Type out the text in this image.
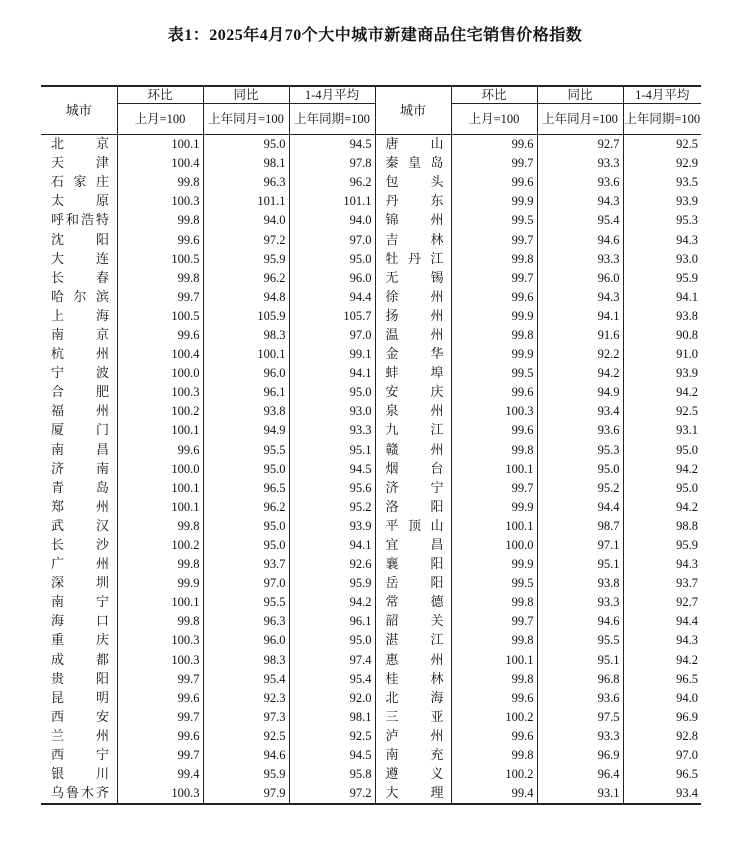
表1：2025年4月70个大中城市新建商品住宅销售价格指数
城市	环比	同比	1-4月平均	城市	环比	同比	1-4月平均
	上月=100	上年同月=100	上年同期=100		上月=100	上年同月=100	上年同期=100

北　京	100.1	95.0	94.5	唐　山	99.6	92.7	92.5

天　津	100.4	98.1	97.8	秦皇岛	99.7	93.3	92.9

石家庄	99.8	96.3	96.2	包　头	99.6	93.6	93.5

太　原	100.3	101.1	101.1	丹　东	99.9	94.3	93.9

呼和浩特	99.8	94.0	94.0	锦　州	99.5	95.4	95.3

沈　阳	99.6	97.2	97.0	吉　林	99.7	94.6	94.3

大　连	100.5	95.9	95.0	牡丹江	99.8	93.3	93.0

长　春	99.8	96.2	96.0	无　锡	99.7	96.0	95.9

哈尔滨	99.7	94.8	94.4	徐　州	99.6	94.3	94.1

上　海	100.5	105.9	105.7	扬　州	99.9	94.1	93.8

南　京	99.6	98.3	97.0	温　州	99.8	91.6	90.8

杭　州	100.4	100.1	99.1	金　华	99.9	92.2	91.0

宁　波	100.0	96.0	94.1	蚌　埠	99.5	94.2	93.9

合　肥	100.3	96.1	95.0	安　庆	99.6	94.9	94.2

福　州	100.2	93.8	93.0	泉　州	100.3	93.4	92.5

厦　门	100.1	94.9	93.3	九　江	99.6	93.6	93.1

南　昌	99.6	95.5	95.1	赣　州	99.8	95.3	95.0

济　南	100.0	95.0	94.5	烟　台	100.1	95.0	94.2

青　岛	100.1	96.5	95.6	济　宁	99.7	95.2	95.0

郑　州	100.1	96.2	95.2	洛　阳	99.9	94.4	94.2

武　汉	99.8	95.0	93.9	平顶山	100.1	98.7	98.8

长　沙	100.2	95.0	94.1	宜　昌	100.0	97.1	95.9

广　州	99.8	93.7	92.6	襄　阳	99.9	95.1	94.3

深　圳	99.9	97.0	95.9	岳　阳	99.5	93.8	93.7

南　宁	100.1	95.5	94.2	常　德	99.8	93.3	92.7

海　口	99.8	96.3	96.1	韶　关	99.7	94.6	94.4

重　庆	100.3	96.0	95.0	湛　江	99.8	95.5	94.3

成　都	100.3	98.3	97.4	惠　州	100.1	95.1	94.2

贵　阳	99.7	95.4	95.4	桂　林	99.8	96.8	96.5

昆　明	99.6	92.3	92.0	北　海	99.6	93.6	94.0

西　安	99.7	97.3	98.1	三　亚	100.2	97.5	96.9

兰　州	99.6	92.5	92.5	泸　州	99.6	93.3	92.8

西　宁	99.7	94.6	94.5	南　充	99.8	96.9	97.0

银　川	99.4	95.9	95.8	遵　义	100.2	96.4	96.5

乌鲁木齐	100.3	97.9	97.2	大　理	99.4	93.1	93.4
